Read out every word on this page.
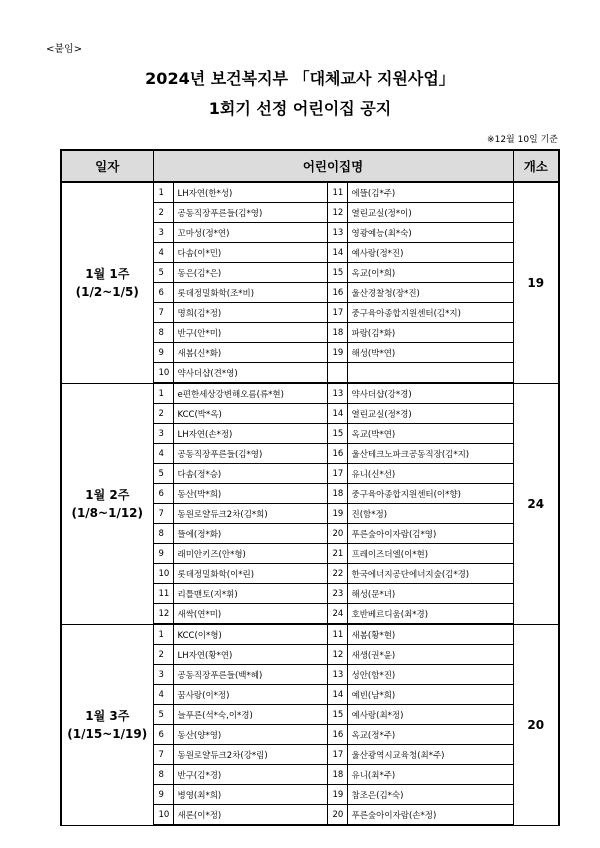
<붙임>
2024년 보건복지부 「대체교사 지원사업」
1회기 선정 어린이집 공지
※12월 10일 기준
일자	어린이집명				개소

1월 1주
(1/2~1/5)	1	LH자연(한*성)	11	에뜰(김*주)	19
	2	공동직장푸른들(김*영)	12	열린교실(정*이)	
	3	꼬마성(정*연)	13	영광예능(최*숙)	
	4	다솜(이*민)	14	예사랑(정*진)	
	5	동은(김*은)	15	옥교(이*희)	
	6	롯데정밀화학(조*비)	16	울산경찰청(장*진)	
	7	명희(김*정)	17	중구육아종합지원센터(김*지)	
	8	반구(안*미)	18	파랑(김*화)	
	9	새봄(신*화)	19	해성(박*연)	
	10	약사더샵(견*영)			

1월 2주
(1/8~1/12)	1	e편한세상강변해오름(류*현)	13	약사더샵(강*경)	24
	2	KCC(박*옥)	14	열린교실(정*경)	
	3	LH자연(손*정)	15	옥교(박*연)	
	4	공동직장푸른들(김*영)	16	울산테크노파크공동직장(김*지)	
	5	다솜(정*승)	17	유니(신*선)	
	6	동산(박*희)	18	중구육아종합지원센터(이*향)	
	7	동원로얄듀크2차(김*희)	19	진(함*정)	
	8	뜰에(정*화)	20	푸른숲아이자람(김*영)	
	9	래미안키즈(안*형)	21	프레이즈더엘(이*현)	
	10	롯데정밀화학(이*린)	22	한국에너지공단에너지숲(김*경)	
	11	리틀맨토(지*휘)	23	해성(문*녀)	
	12	새싹(연*미)	24	호반베르디움(최*경)	

1월 3주
(1/15~1/19)	1	KCC(이*형)	11	새봄(황*현)	20
	2	LH자연(황*연)	12	새생(권*윤)	
	3	공동직장푸른들(백*혜)	13	성안(함*진)	
	4	꿈사랑(이*정)	14	예빈(남*희)	
	5	늘푸른(석*숙,이*경)	15	예사랑(최*정)	
	6	동산(양*영)	16	옥교(정*주)	
	7	동원로얄듀크2차(강*림)	17	울산광역시교육청(최*주)	
	8	반구(김*경)	18	유니(최*주)	
	9	병영(최*희)	19	참조은(김*숙)	
	10	새론(이*정)	20	푸른숲아이자람(손*정)	
